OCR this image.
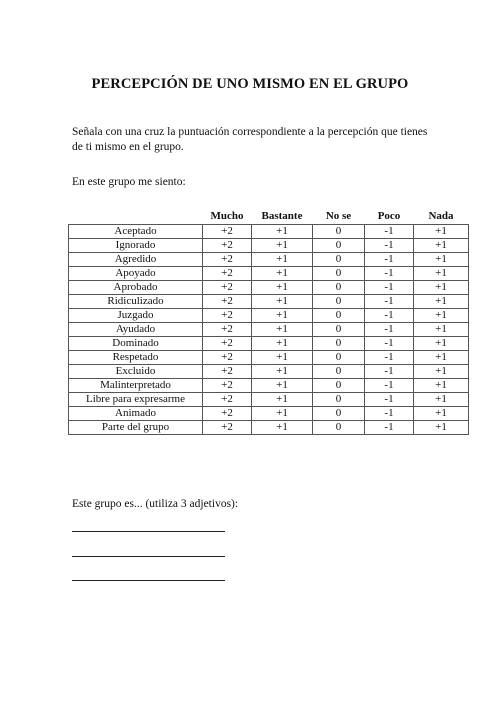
PERCEPCIÓN DE UNO MISMO EN EL GRUPO
Señala con una cruz la puntuación correspondiente a la percepción que tienes de ti mismo en el grupo.
En este grupo me siento:
	Mucho	Bastante	No se	Poco	Nada
Aceptado	+2	+1	0	-1	+1
Ignorado	+2	+1	0	-1	+1
Agredido	+2	+1	0	-1	+1
Apoyado	+2	+1	0	-1	+1
Aprobado	+2	+1	0	-1	+1
Ridiculizado	+2	+1	0	-1	+1
Juzgado	+2	+1	0	-1	+1
Ayudado	+2	+1	0	-1	+1
Dominado	+2	+1	0	-1	+1
Respetado	+2	+1	0	-1	+1
Excluido	+2	+1	0	-1	+1
Malinterpretado	+2	+1	0	-1	+1
Libre para expresarme	+2	+1	0	-1	+1
Animado	+2	+1	0	-1	+1
Parte del grupo	+2	+1	0	-1	+1
Este grupo es... (utiliza 3 adjetivos):
